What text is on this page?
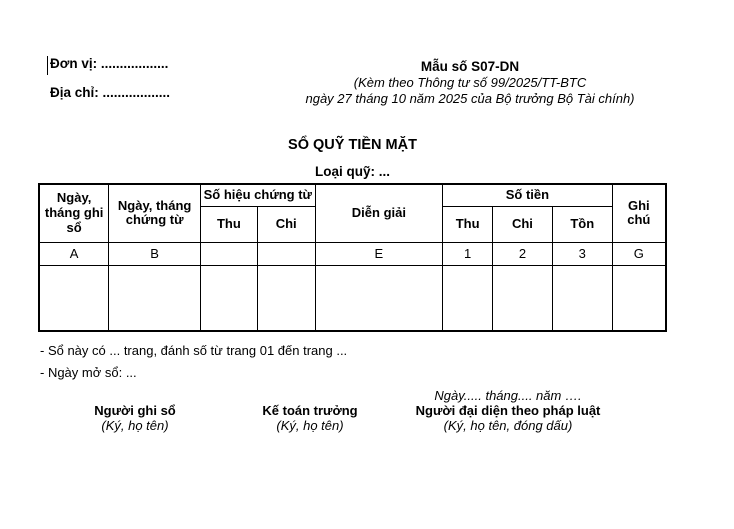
Đơn vị: ..................
Địa chỉ: ..................
Mẫu số S07-DN
(Kèm theo Thông tư số 99/2025/TT-BTC
ngày 27 tháng 10 năm 2025 của Bộ trưởng Bộ Tài chính)
SỔ QUỸ TIỀN MẶT
Loại quỹ: ...
Ngày, tháng ghi sổ	Ngày, tháng chứng từ	Số hiệu chứng từ		Diễn giải	Số tiền			Ghi chú
		Thu	Chi		Thu	Chi	Tồn	
A	B			E	1	2	3	G

- Sổ này có ... trang, đánh số từ trang 01 đến trang ...
- Ngày mở sổ: ...
Người ghi sổ
(Ký, họ tên)
Kế toán trưởng
(Ký, họ tên)
Ngày..... tháng.... năm ….
Người đại diện theo pháp luật
(Ký, họ tên, đóng dấu)
